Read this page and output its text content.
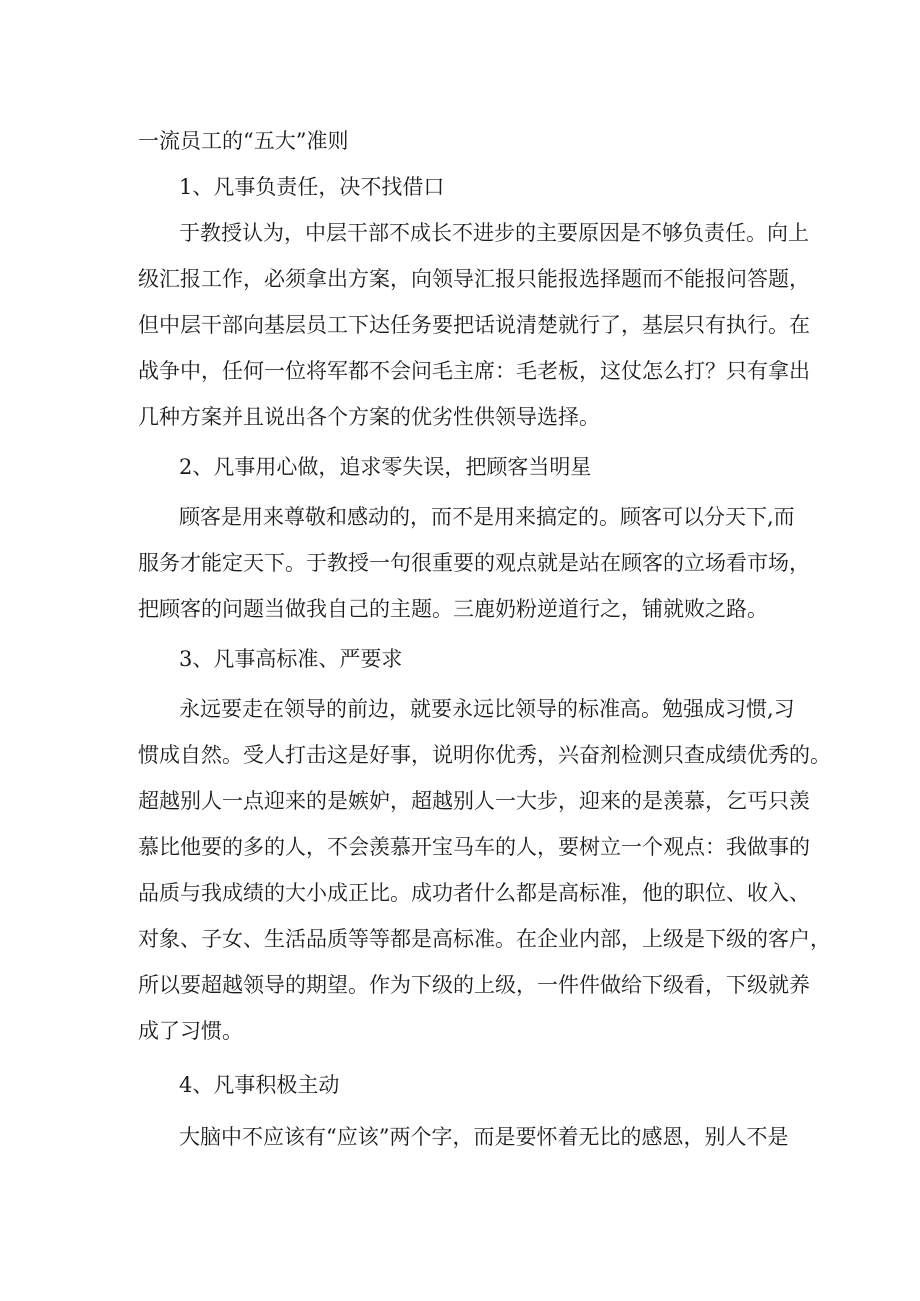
一流员工的“五大”准则
1、凡事负责任，决不找借口
于教授认为，中层干部不成长不进步的主要原因是不够负责任。向上
级汇报工作，必须拿出方案，向领导汇报只能报选择题而不能报问答题，
但中层干部向基层员工下达任务要把话说清楚就行了，基层只有执行。在
战争中，任何一位将军都不会问毛主席：毛老板，这仗怎么打？只有拿出
几种方案并且说出各个方案的优劣性供领导选择。
2、凡事用心做，追求零失误，把顾客当明星
顾客是用来尊敬和感动的，而不是用来搞定的。顾客可以分天下,而
服务才能定天下。于教授一句很重要的观点就是站在顾客的立场看市场，
把顾客的问题当做我自己的主题。三鹿奶粉逆道行之，铺就败之路。
3、凡事高标准、严要求
永远要走在领导的前边，就要永远比领导的标准高。勉强成习惯,习
惯成自然。受人打击这是好事，说明你优秀，兴奋剂检测只查成绩优秀的。
超越别人一点迎来的是嫉妒，超越别人一大步，迎来的是羡慕，乞丐只羡
慕比他要的多的人，不会羡慕开宝马车的人，要树立一个观点：我做事的
品质与我成绩的大小成正比。成功者什么都是高标准，他的职位、收入、
对象、子女、生活品质等等都是高标准。在企业内部，上级是下级的客户，
所以要超越领导的期望。作为下级的上级，一件件做给下级看，下级就养
成了习惯。
4、凡事积极主动
大脑中不应该有“应该”两个字，而是要怀着无比的感恩，别人不是
